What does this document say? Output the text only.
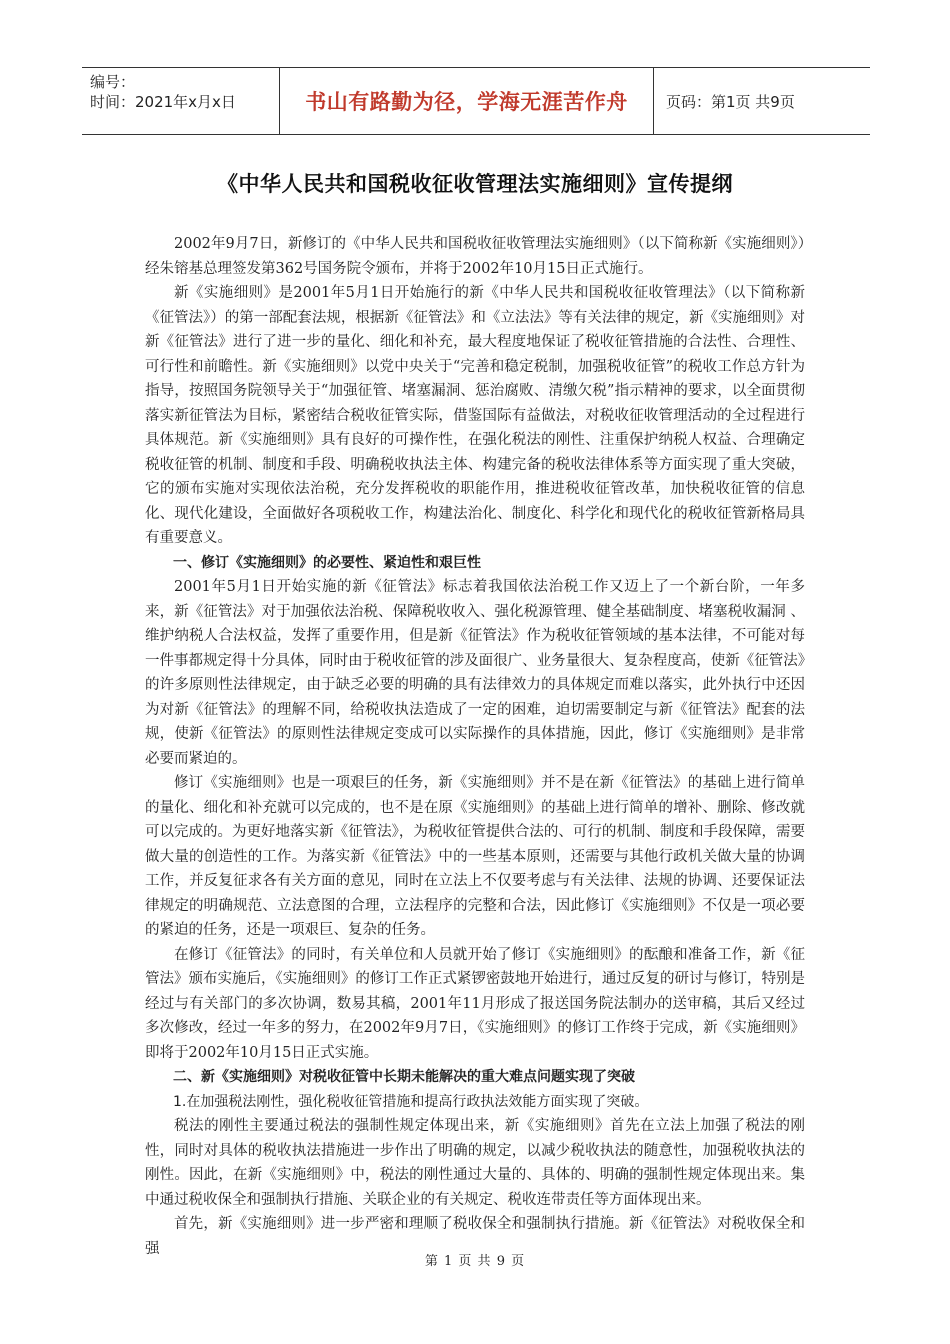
编号：
时间：2021年x月x日	书山有路勤为径，学海无涯苦作舟	页码：第1页 共9页
《中华人民共和国税收征收管理法实施细则》宣传提纲

2002年9月7日，新修订的《中华人民共和国税收征收管理法实施细则》（以下简称新《实施细则》）经朱镕基总理签发第362号国务院令颁布，并将于2002年10月15日正式施行。

新《实施细则》是2001年5月1日开始施行的新《中华人民共和国税收征收管理法》（以下简称新《征管法》）的第一部配套法规，根据新《征管法》和《立法法》等有关法律的规定，新《实施细则》对新《征管法》进行了进一步的量化、细化和补充，最大程度地保证了税收征管措施的合法性、合理性、可行性和前瞻性。新《实施细则》以党中央关于“完善和稳定税制，加强税收征管”的税收工作总方针为指导，按照国务院领导关于“加强征管、堵塞漏洞、惩治腐败、清缴欠税”指示精神的要求，以全面贯彻落实新征管法为目标，紧密结合税收征管实际，借鉴国际有益做法，对税收征收管理活动的全过程进行具体规范。新《实施细则》具有良好的可操作性，在强化税法的刚性、注重保护纳税人权益、合理确定税收征管的机制、制度和手段、明确税收执法主体、构建完备的税收法律体系等方面实现了重大突破，它的颁布实施对实现依法治税，充分发挥税收的职能作用，推进税收征管改革，加快税收征管的信息化、现代化建设，全面做好各项税收工作，构建法治化、制度化、科学化和现代化的税收征管新格局具有重要意义。

一、修订《实施细则》的必要性、紧迫性和艰巨性

2001年5月1日开始实施的新《征管法》标志着我国依法治税工作又迈上了一个新台阶，一年多来，新《征管法》对于加强依法治税、保障税收收入、强化税源管理、健全基础制度、堵塞税收漏洞 、维护纳税人合法权益，发挥了重要作用，但是新《征管法》作为税收征管领域的基本法律，不可能对每一件事都规定得十分具体，同时由于税收征管的涉及面很广、业务量很大、复杂程度高，使新《征管法》的许多原则性法律规定，由于缺乏必要的明确的具有法律效力的具体规定而难以落实，此外执行中还因为对新《征管法》的理解不同，给税收执法造成了一定的困难，迫切需要制定与新《征管法》配套的法规，使新《征管法》的原则性法律规定变成可以实际操作的具体措施，因此，修订《实施细则》是非常必要而紧迫的。

修订《实施细则》也是一项艰巨的任务，新《实施细则》并不是在新《征管法》的基础上进行简单的量化、细化和补充就可以完成的，也不是在原《实施细则》的基础上进行简单的增补、删除、修改就可以完成的。为更好地落实新《征管法》，为税收征管提供合法的、可行的机制、制度和手段保障，需要做大量的创造性的工作。为落实新《征管法》中的一些基本原则，还需要与其他行政机关做大量的协调工作，并反复征求各有关方面的意见，同时在立法上不仅要考虑与有关法律、法规的协调、还要保证法律规定的明确规范、立法意图的合理，立法程序的完整和合法，因此修订《实施细则》不仅是一项必要的紧迫的任务，还是一项艰巨、复杂的任务。

在修订《征管法》的同时，有关单位和人员就开始了修订《实施细则》的酝酿和准备工作，新《征管法》颁布实施后，《实施细则》的修订工作正式紧锣密鼓地开始进行，通过反复的研讨与修订，特别是经过与有关部门的多次协调，数易其稿，2001年11月形成了报送国务院法制办的送审稿，其后又经过多次修改，经过一年多的努力，在2002年9月7日，《实施细则》的修订工作终于完成，新《实施细则》即将于2002年10月15日正式实施。

二、新《实施细则》对税收征管中长期未能解决的重大难点问题实现了突破

1.在加强税法刚性，强化税收征管措施和提高行政执法效能方面实现了突破。

税法的刚性主要通过税法的强制性规定体现出来，新《实施细则》首先在立法上加强了税法的刚性，同时对具体的税收执法措施进一步作出了明确的规定，以减少税收执法的随意性，加强税收执法的刚性。因此，在新《实施细则》中，税法的刚性通过大量的、具体的、明确的强制性规定体现出来。集中通过税收保全和强制执行措施、关联企业的有关规定、税收连带责任等方面体现出来。

首先，新《实施细则》进一步严密和理顺了税收保全和强制执行措施。新《征管法》对税收保全和强

第 1 页 共 9 页
